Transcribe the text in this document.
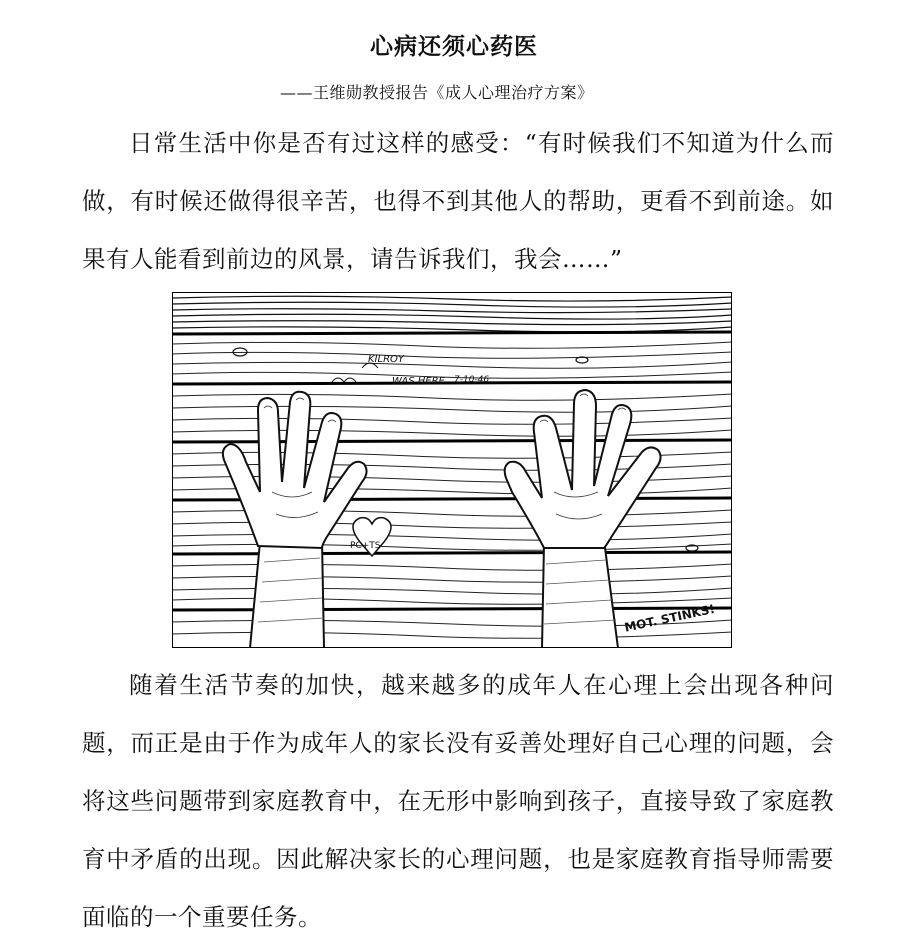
心病还须心药医
——王维勋教授报告《成人心理治疗方案》

日常生活中你是否有过这样的感受：“有时候我们不知道为什么而做，有时候还做得很辛苦，也得不到其他人的帮助，更看不到前途。如果有人能看到前边的风景，请告诉我们，我会……”

KILROY
WAS HERE 7-10-46
PC+TS
MOT. STINKS!

随着生活节奏的加快，越来越多的成年人在心理上会出现各种问题，而正是由于作为成年人的家长没有妥善处理好自己心理的问题，会将这些问题带到家庭教育中，在无形中影响到孩子，直接导致了家庭教育中矛盾的出现。因此解决家长的心理问题，也是家庭教育指导师需要面临的一个重要任务。
